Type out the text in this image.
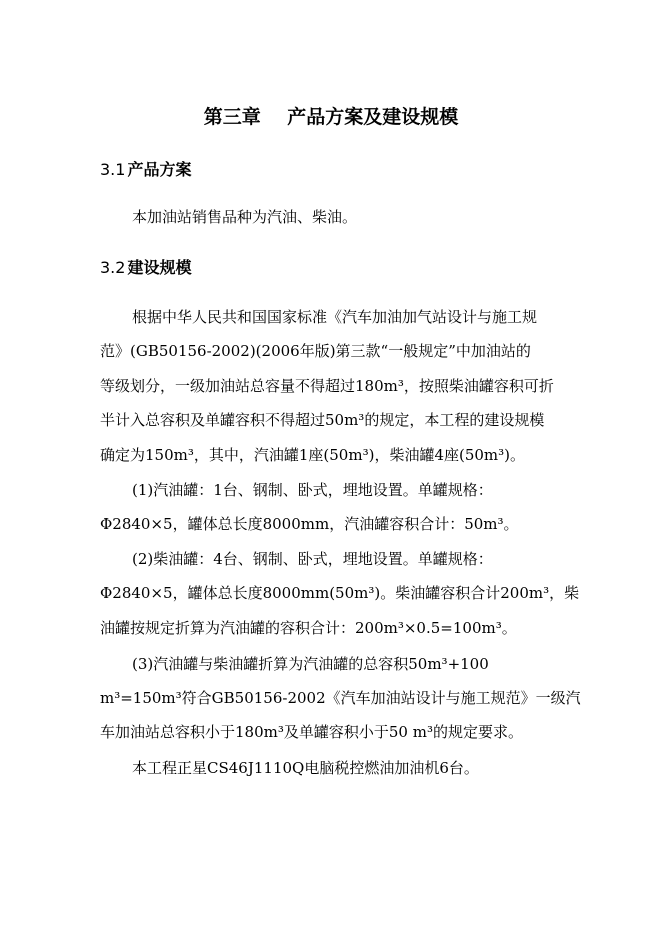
第三章    产品方案及建设规模
3.1 产品方案
本加油站销售品种为汽油、柴油。
3.2 建设规模
根据中华人民共和国国家标准《汽车加油加气站设计与施工规
范》(GB50156-2002)(2006年版)第三款“一般规定”中加油站的
等级划分，一级加油站总容量不得超过180m³，按照柴油罐容积可折
半计入总容积及单罐容积不得超过50m³的规定，本工程的建设规模
确定为150m³，其中，汽油罐1座(50m³)，柴油罐4座(50m³)。
(1)汽油罐：1台、钢制、卧式，埋地设置。单罐规格：
Φ2840×5，罐体总长度8000mm，汽油罐容积合计：50m³。
(2)柴油罐：4台、钢制、卧式，埋地设置。单罐规格：
Φ2840×5，罐体总长度8000mm(50m³)。柴油罐容积合计200m³，柴
油罐按规定折算为汽油罐的容积合计：200m³×0.5=100m³。
(3)汽油罐与柴油罐折算为汽油罐的总容积50m³+100
m³=150m³符合GB50156-2002《汽车加油站设计与施工规范》一级汽
车加油站总容积小于180m³及单罐容积小于50 m³的规定要求。
本工程正星CS46J1110Q电脑税控燃油加油机6台。
